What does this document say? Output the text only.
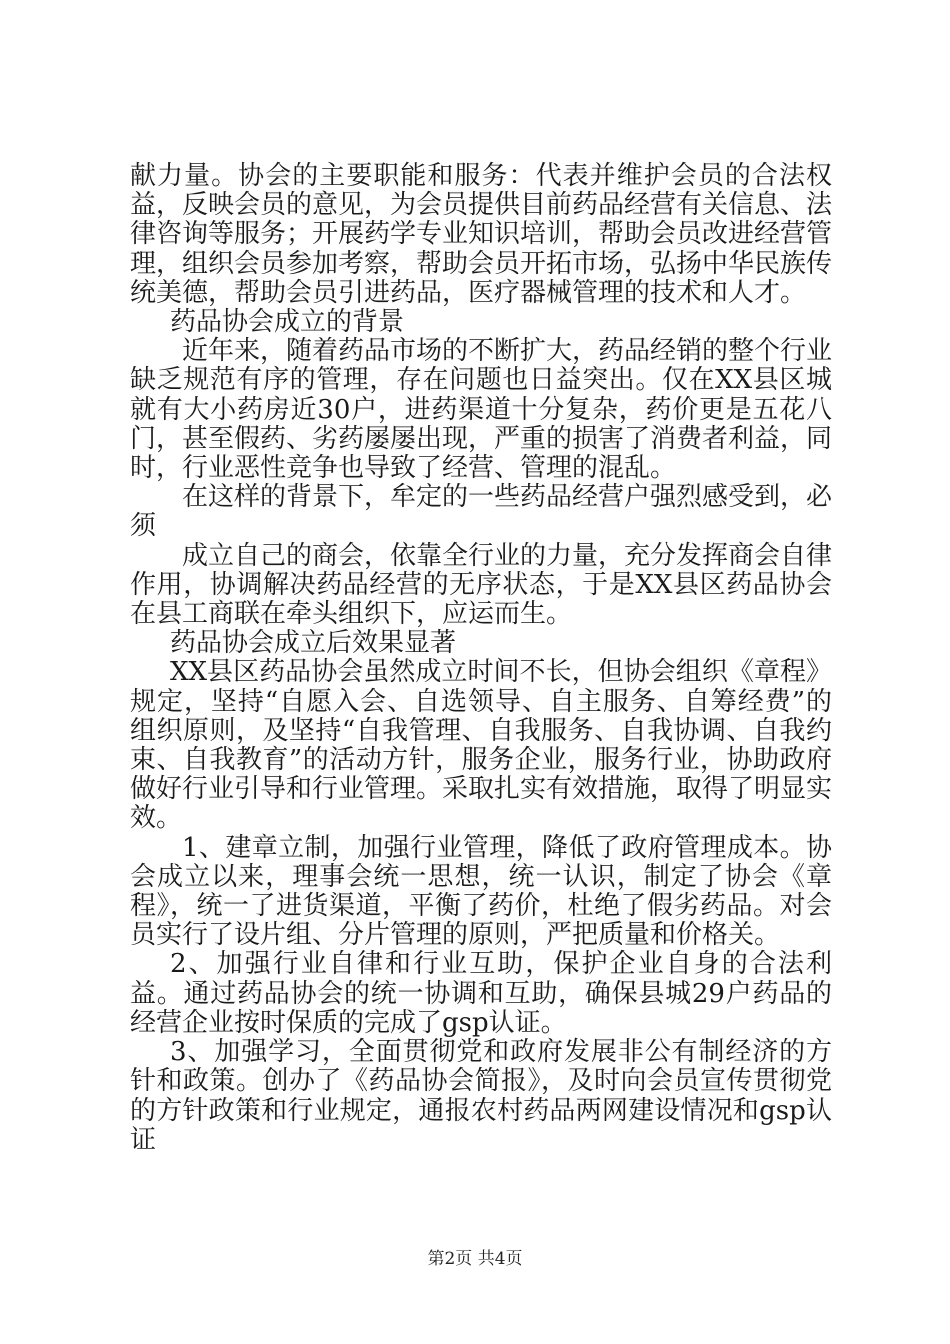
献力量。协会的主要职能和服务：代表并维护会员的合法权益，反映会员的意见，为会员提供目前药品经营有关信息、法律咨询等服务；开展药学专业知识培训，帮助会员改进经营管理，组织会员参加考察，帮助会员开拓市场，弘扬中华民族传统美德，帮助会员引进药品，医疗器械管理的技术和人才。

药品协会成立的背景

近年来，随着药品市场的不断扩大，药品经销的整个行业缺乏规范有序的管理，存在问题也日益突出。仅在XX县区城就有大小药房近30户，进药渠道十分复杂，药价更是五花八门，甚至假药、劣药屡屡出现，严重的损害了消费者利益，同时，行业恶性竞争也导致了经营、管理的混乱。

在这样的背景下，牟定的一些药品经营户强烈感受到，必须

成立自己的商会，依靠全行业的力量，充分发挥商会自律作用，协调解决药品经营的无序状态，于是XX县区药品协会在县工商联在牵头组织下，应运而生。

药品协会成立后效果显著

XX县区药品协会虽然成立时间不长，但协会组织《章程》规定，坚持“自愿入会、自选领导、自主服务、自筹经费”的组织原则，及坚持“自我管理、自我服务、自我协调、自我约束、自我教育”的活动方针，服务企业，服务行业，协助政府做好行业引导和行业管理。采取扎实有效措施，取得了明显实效。

1、建章立制，加强行业管理，降低了政府管理成本。协会成立以来，理事会统一思想，统一认识，制定了协会《章程》，统一了进货渠道，平衡了药价，杜绝了假劣药品。对会员实行了设片组、分片管理的原则，严把质量和价格关。

2、加强行业自律和行业互助，保护企业自身的合法利益。通过药品协会的统一协调和互助，确保县城29户药品的经营企业按时保质的完成了gsp认证。

3、加强学习，全面贯彻党和政府发展非公有制经济的方针和政策。创办了《药品协会简报》，及时向会员宣传贯彻党的方针政策和行业规定，通报农村药品两网建设情况和gsp认证

第2页 共4页
